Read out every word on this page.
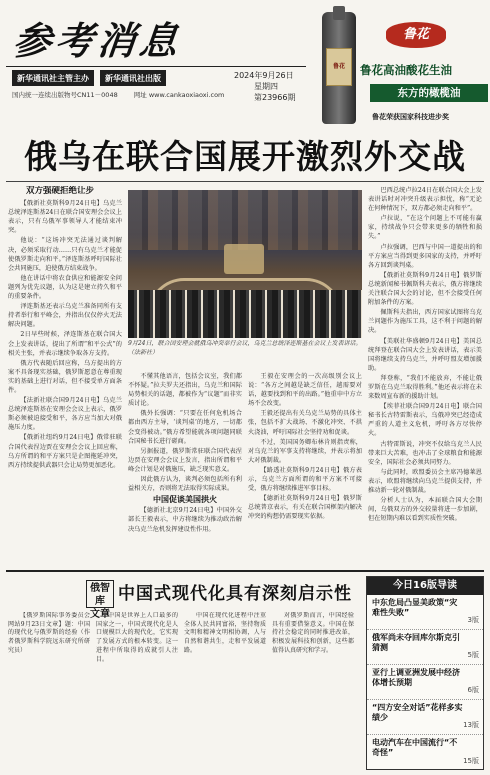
参考消息
新华通讯社主管主办	新华通讯社出版	2024年9月26日
星期四
第23966期
国内统一连续出版物号CN11－0048 网址 www.cankaoxiaoxi.com
鲁花
鲁花
鲁花高油酸花生油
东方的橄榄油
鲁花荣获国家科技进步奖
俄乌在联合国展开激烈外交战
双方强硬拒绝让步

【俄新社莫斯科9月24日电】乌克兰总统泽连斯基24日在联合国安理会会议上表示，只有乌俄军事领导人才能结束冲突。

他说：“这场冲突无法通过谈判解决，必须采取行动……只有乌克兰才能促使俄罗斯走向和平。”泽连斯基呼吁国际社会共同施压，迫使俄方结束战争。

他在讲话中将农食供应和能源安全问题列为优先议题，认为这是建立持久和平的重要条件。

泽连斯基还表示乌克兰准备同所有支持者举行和平峰会，并指出仅仅停火无法解决问题。

2日早些时候，泽连斯基在联合国大会上发表讲话，提出了所谓“和平公式”的相关主张，并表示继续争取各方支持。

俄方代表随后回应称，乌方提出的方案不具备现实基础，俄罗斯愿意在尊重现实的基础上进行对话，但不接受单方面条件。

【法新社联合国9月24日电】乌克兰总统泽连斯基在安理会会议上表示，俄罗斯必须被迫接受和平，各方应当加大对俄施压力度。

【俄新社纽约9月24日电】俄常驻联合国代表涅边贾在安理会会议上回应称，乌方所谓的和平方案只是企图拖延冲突，西方持续提供武器只会让局势更加恶化。

9月24日，联合国安理会就俄乌冲突举行会议，乌克兰总统泽连斯基在会议上发表讲话。（法新社）

不懂其他语言，包括会议室，我们都不怀疑。”拉夫罗夫还指出，乌克兰和国际局势相关的话题，都被作为“议题”而非实质讨论。

俄外长强调：“只要在任何危机场合都由西方主导，‘谈判桌’的地方，一切都会变得被动。”俄方希望能就各项问题同联合国秘书长进行磋商。

另据报道，俄罗斯常驻联合国代表涅边贾在安理会会议上发言，指出所谓和平峰会计划是对俄施压，缺乏现实意义。

因此俄方认为，谈判必须包括所有利益相关方，否则将无法取得实际成果。

中国促谈美国拱火

【德新社北京9月24日电】中国外交部长王毅表示，中方将继续为推动政治解决乌克兰危机发挥建设性作用。

王毅在安理会的一次高级别会议上说：“各方之间越是缺乏信任，越需要对话，越要找到和平的出路。”他重申中方立场不会改变。

王毅还提出有关乌克兰局势的具体主张，包括不扩大战场、不激化冲突、不拱火浇油，呼吁国际社会坚持劝和促谈。

不过，美国国务卿布林肯则指责称，对乌克兰的军事支持将继续，并表示将加大对俄制裁。

【路透社莫斯科9月24日电】俄方表示，乌克兰方面所谓的和平方案不可接受，俄方将继续推进军事目标。

【德新社莫斯科9月24日电】俄罗斯总统普京表示，有关在联合国框架内解决冲突的构想仍需要现实依据。

巴西总统卢拉24日在联合国大会上发表讲话时对冲突升级表示担忧，称“无论在何种情况下，双方都必须走向和平”。

卢拉说，“在这个问题上不可能有赢家，持续战争只会带来更多的牺牲和损失。”

卢拉强调，巴西与中国一道提出的和平方案应当得到更多国家的支持，并呼吁各方回到谈判桌。

【俄新社莫斯科9月24日电】俄罗斯总统新闻秘书佩斯科夫表示，俄方将继续关注联合国大会的讨论，但不会接受任何附加条件的方案。

佩斯科夫指出，西方国家试图将乌克兰问题作为施压工具，这不利于问题的解决。

【美联社华盛顿9月24日电】美国总统拜登在联合国大会上发表讲话，表示美国将继续支持乌克兰，并呼吁盟友增加援助。

拜登称，“我们不能放弃，不能让俄罗斯在乌克兰取得胜利。”他还表示将在未来数周宣布新的援助计划。

【埃菲社联合国9月24日电】联合国秘书长古特雷斯表示，乌俄冲突已经造成严重的人道主义危机，呼吁各方尽快停火。

古特雷斯说，冲突不仅给乌克兰人民带来巨大苦难，也冲击了全球粮食和能源安全，国际社会必须共同努力。

与此同时，欧盟委员会主席冯德莱恩表示，欧盟将继续向乌克兰提供支持，并推动新一轮对俄制裁。

分析人士认为，本届联合国大会期间，乌俄双方的外交较量将进一步加剧，但在短期内难以看到实质性突破。

俄智库
文章
中国式现代化具有深刻启示性

【俄罗斯国际事务委员会网站9月23日文章】题：中国的现代化与俄罗斯的经验（作者俄罗斯科学院远东研究所研究员）

中国是世界上人口最多的国家之一，中国式现代化是人口规模巨大的现代化，它实现了发展方式的根本转变。这一进程中所取得的成就引人注目。

中国在现代化进程中注重全体人民共同富裕，坚持物质文明和精神文明相协调，人与自然和谐共生，走和平发展道路。

对俄罗斯而言，中国经验具有重要借鉴意义。中国在保持社会稳定的同时推进改革，积极发展科技和创新，这些都值得认真研究和学习。

今日16版导读
中东危局凸显美政策“灾难性失败”
3版
俄军尚未夺回库尔斯克引猜测
5版
亚行上调亚洲发展中经济体增长预期
6版
“四方安全对话”花样多实绩少
13版
电动汽车在中国流行“不奇怪”
15版
